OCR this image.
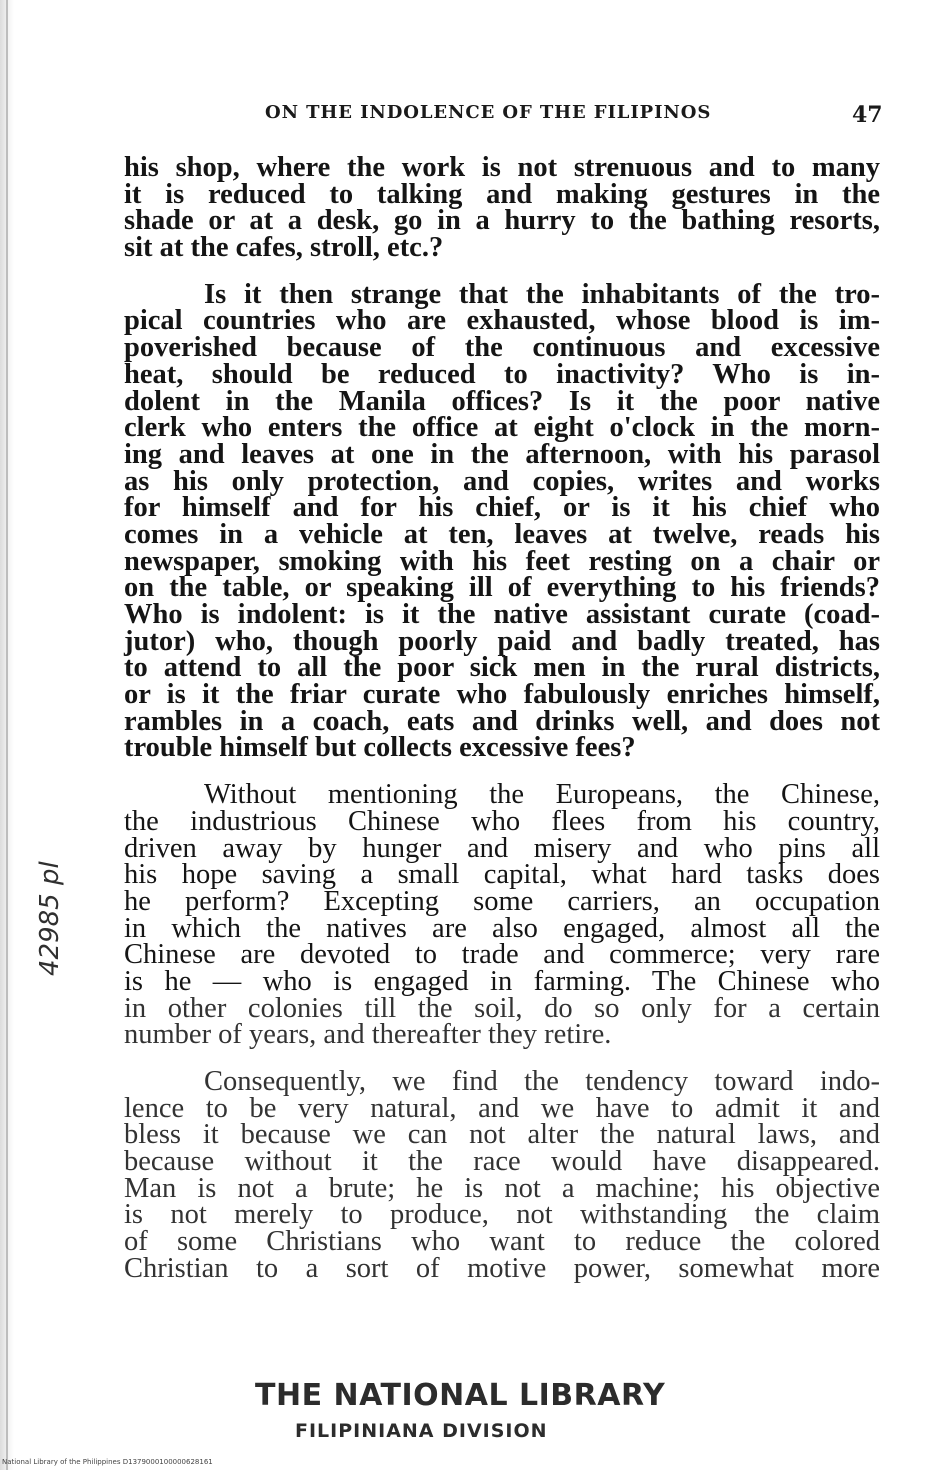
ON THE INDOLENCE OF THE FILIPINOS	47
his shop, where the work is not strenuous and to many
it is reduced to talking and making gestures in the
shade or at a desk, go in a hurry to the bathing resorts,
sit at the cafes, stroll, etc.?
Is it then strange that the inhabitants of the tro-
pical countries who are exhausted, whose blood is im-
poverished because of the continuous and excessive
heat, should be reduced to inactivity? Who is in-
dolent in the Manila offices? Is it the poor native
clerk who enters the office at eight o'clock in the morn-
ing and leaves at one in the afternoon, with his parasol
as his only protection, and copies, writes and works
for himself and for his chief, or is it his chief who
comes in a vehicle at ten, leaves at twelve, reads his
newspaper, smoking with his feet resting on a chair or
on the table, or speaking ill of everything to his friends?
Who is indolent: is it the native assistant curate (coad-
jutor) who, though poorly paid and badly treated, has
to attend to all the poor sick men in the rural districts,
or is it the friar curate who fabulously enriches himself,
rambles in a coach, eats and drinks well, and does not
trouble himself but collects excessive fees?
Without mentioning the Europeans, the Chinese,
the industrious Chinese who flees from his country,
driven away by hunger and misery and who pins all
his hope saving a small capital, what hard tasks does
he perform? Excepting some carriers, an occupation
in which the natives are also engaged, almost all the
Chinese are devoted to trade and commerce; very rare
is he — who is engaged in farming. The Chinese who
in other colonies till the soil, do so only for a certain
number of years, and thereafter they retire.
Consequently, we find the tendency toward indo-
lence to be very natural, and we have to admit it and
bless it because we can not alter the natural laws, and
because without it the race would have disappeared.
Man is not a brute; he is not a machine; his objective
is not merely to produce, not withstanding the claim
of some Christians who want to reduce the colored
Christian to a sort of motive power, somewhat more
42985 pl
THE NATIONAL LIBRARY
FILIPINIANA DIVISION
National Library of the Philippines D1379000100000628161
